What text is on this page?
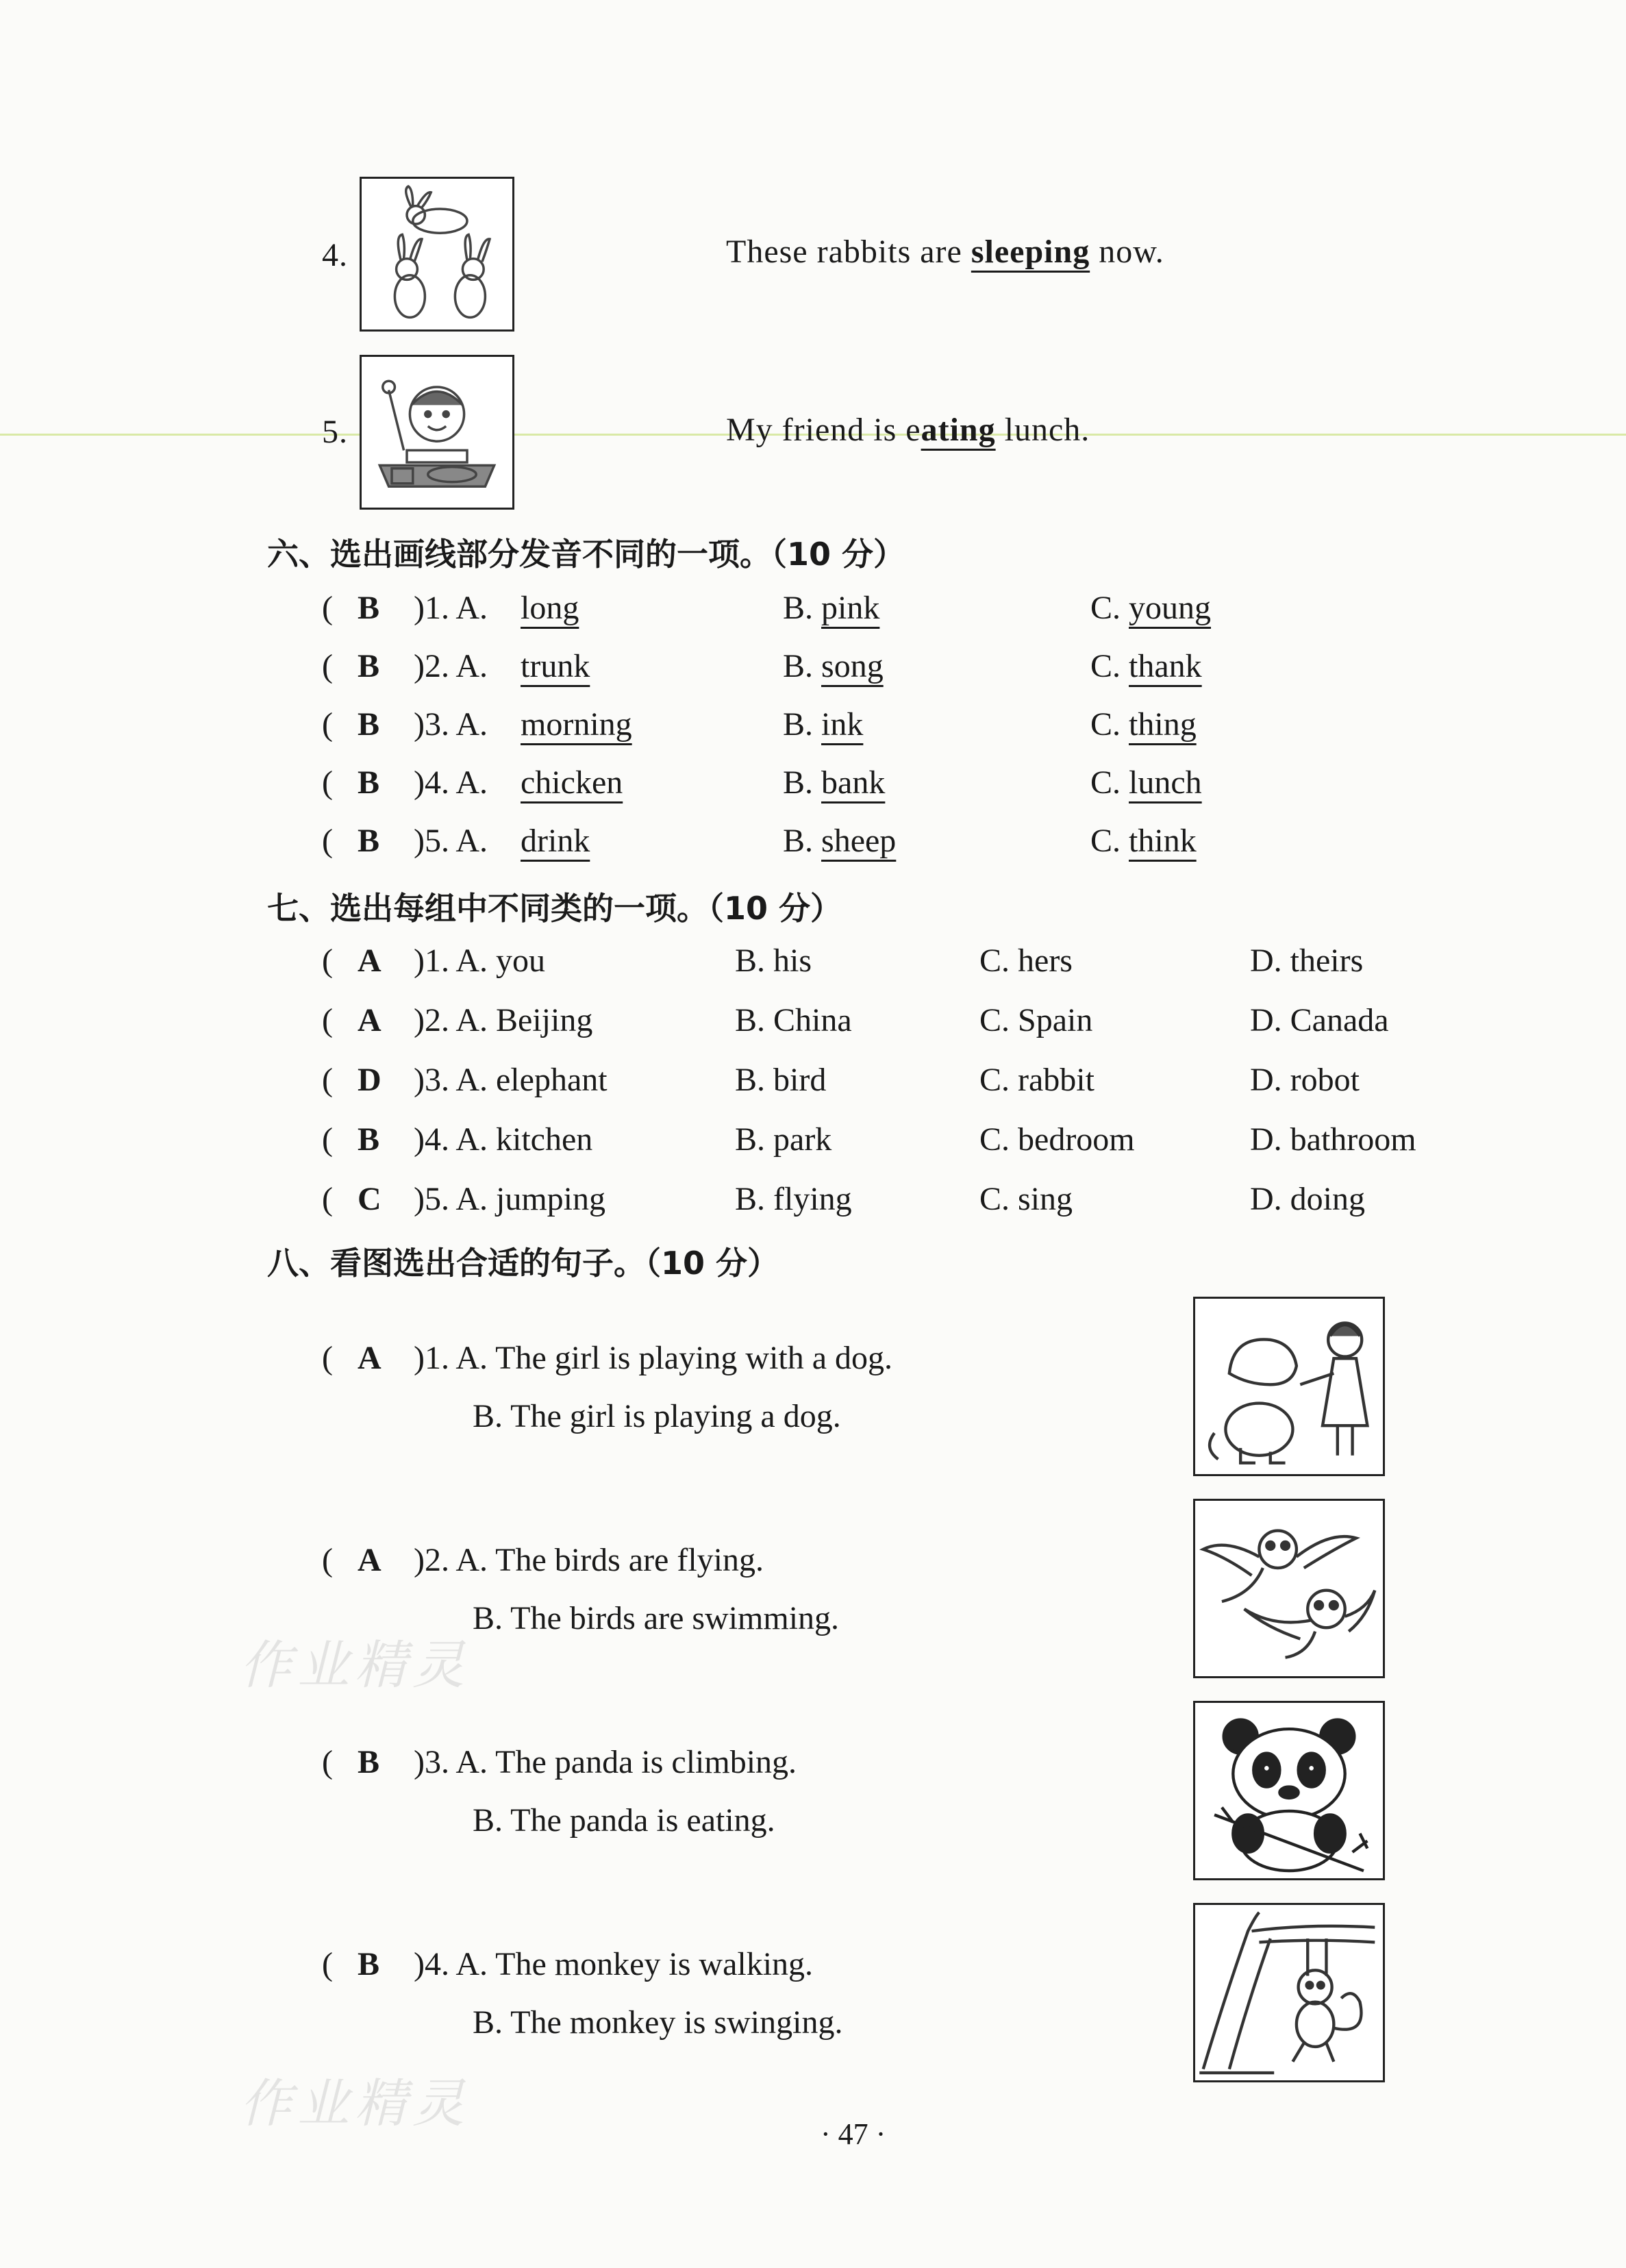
4.	These rabbits are sleeping now.
5.	My friend is eating lunch.
六、选出画线部分发音不同的一项。（10 分）
( B )1. A. long	B. pink	C. young
( B )2. A. trunk	B. song	C. thank
( B )3. A. morning	B. ink	C. thing
( B )4. A. chicken	B. bank	C. lunch
( B )5. A. drink	B. sheep	C. think
七、选出每组中不同类的一项。（10 分）
( A )1. A. you	B. his	C. hers	D. theirs
( A )2. A. Beijing	B. China	C. Spain	D. Canada
( D )3. A. elephant	B. bird	C. rabbit	D. robot
( B )4. A. kitchen	B. park	C. bedroom	D. bathroom
( C )5. A. jumping	B. flying	C. sing	D. doing
八、看图选出合适的句子。（10 分）
( A )1. A. The girl is playing with a dog.
B. The girl is playing a dog.
( A )2. A. The birds are flying.
B. The birds are swimming.
( B )3. A. The panda is climbing.
B. The panda is eating.
( B )4. A. The monkey is walking.
B. The monkey is swinging.
作业精灵
作业精灵
· 47 ·
